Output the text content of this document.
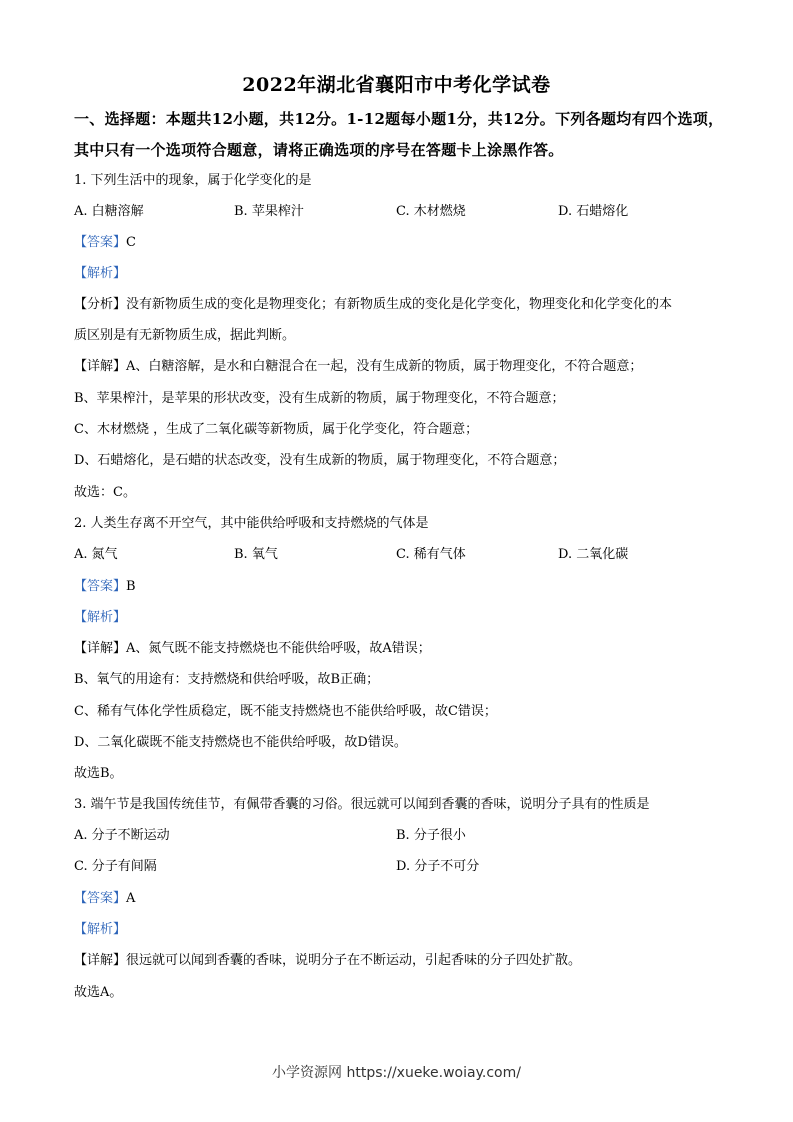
2022年湖北省襄阳市中考化学试卷
一、选择题：本题共12小题，共12分。1-12题每小题1分，共12分。下列各题均有四个选项，其中只有一个选项符合题意，请将正确选项的序号在答题卡上涂黑作答。
1. 下列生活中的现象，属于化学变化的是
A. 白糖溶解	B. 苹果榨汁	C. 木材燃烧	D. 石蜡熔化
【答案】C
【解析】
【分析】没有新物质生成的变化是物理变化；有新物质生成的变化是化学变化，物理变化和化学变化的本
质区别是有无新物质生成，据此判断。
【详解】A、白糖溶解，是水和白糖混合在一起，没有生成新的物质，属于物理变化，不符合题意；
B、苹果榨汁，是苹果的形状改变，没有生成新的物质，属于物理变化，不符合题意；
C、木材燃烧 ，生成了二氧化碳等新物质，属于化学变化，符合题意；
D、石蜡熔化，是石蜡的状态改变，没有生成新的物质，属于物理变化，不符合题意；
故选：C。
2. 人类生存离不开空气，其中能供给呼吸和支持燃烧的气体是
A. 氮气	B. 氧气	C. 稀有气体	D. 二氧化碳
【答案】B
【解析】
【详解】A、氮气既不能支持燃烧也不能供给呼吸，故A错误；
B、氧气的用途有：支持燃烧和供给呼吸，故B正确；
C、稀有气体化学性质稳定，既不能支持燃烧也不能供给呼吸，故C错误；
D、二氧化碳既不能支持燃烧也不能供给呼吸，故D错误。
故选B。
3. 端午节是我国传统佳节，有佩带香囊的习俗。很远就可以闻到香囊的香味，说明分子具有的性质是
A. 分子不断运动	B. 分子很小
C. 分子有间隔	D. 分子不可分
【答案】A
【解析】
【详解】很远就可以闻到香囊的香味，说明分子在不断运动，引起香味的分子四处扩散。
故选A。
小学资源网 https://xueke.woiay.com/
